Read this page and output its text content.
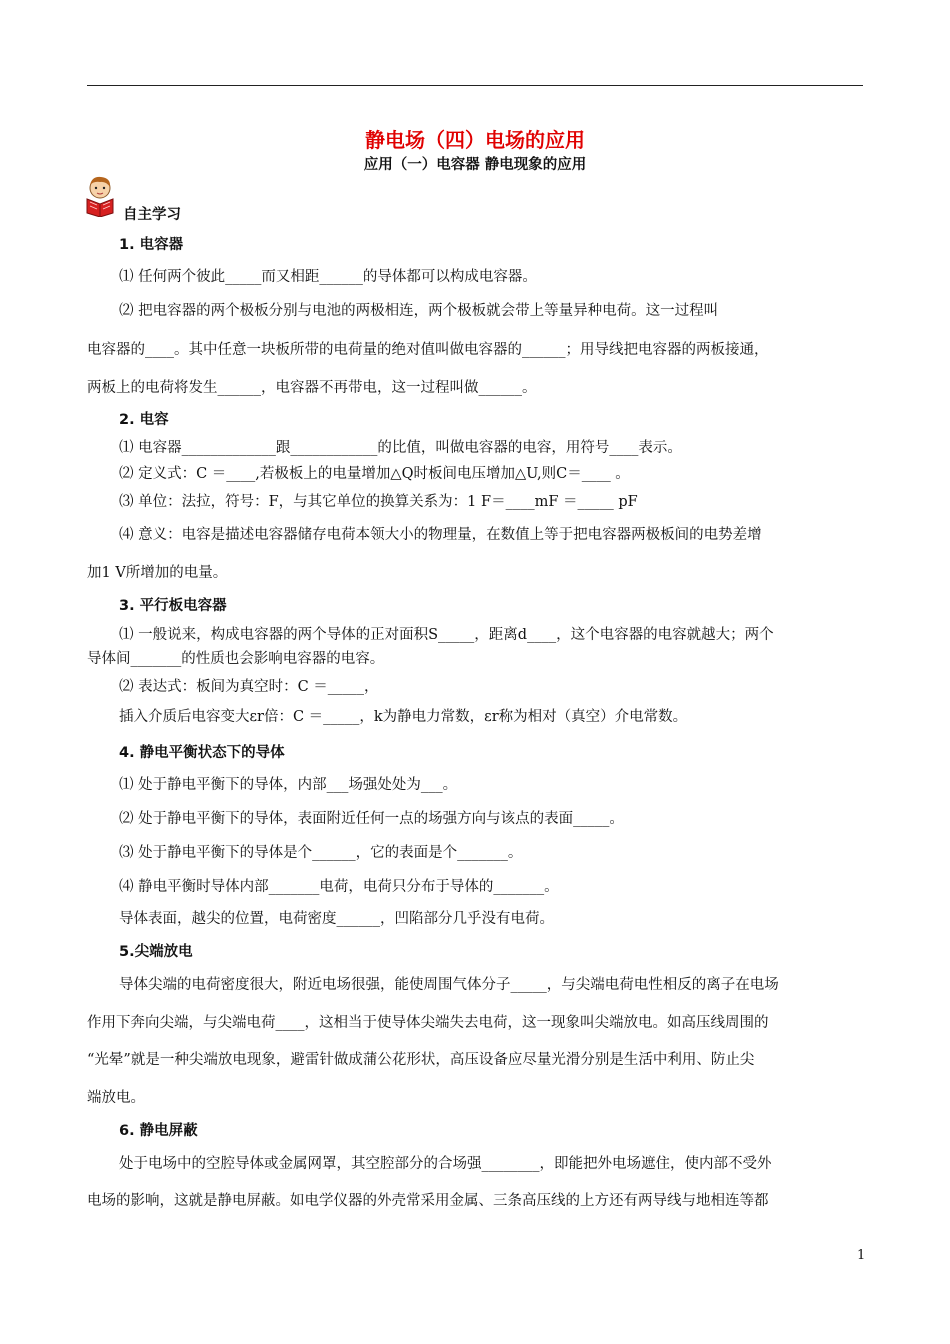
静电场（四）电场的应用
应用（一）电容器 静电现象的应用
自主学习
1. 电容器
⑴ 任何两个彼此_____而又相距______的导体都可以构成电容器。
⑵ 把电容器的两个极板分别与电池的两极相连，两个极板就会带上等量异种电荷。这一过程叫
电容器的____。其中任意一块板所带的电荷量的绝对值叫做电容器的______；用导线把电容器的两板接通，
两板上的电荷将发生______，电容器不再带电，这一过程叫做______。
2. 电容
⑴ 电容器_____________跟____________的比值，叫做电容器的电容，用符号____表示。
⑵ 定义式：C ＝____,若极板上的电量增加△Q时板间电压增加△U,则C＝____ 。
⑶ 单位：法拉，符号：F，与其它单位的换算关系为：1 F＝____mF ＝_____ pF
⑷ 意义：电容是描述电容器储存电荷本领大小的物理量，在数值上等于把电容器两极板间的电势差增
加1 V所增加的电量。
3. 平行板电容器
⑴ 一般说来，构成电容器的两个导体的正对面积S_____，距离d____，这个电容器的电容就越大；两个
导体间_______的性质也会影响电容器的电容。
⑵ 表达式：板间为真空时：C ＝_____，
插入介质后电容变大εr倍：C ＝_____，k为静电力常数，εr称为相对（真空）介电常数。
4. 静电平衡状态下的导体
⑴ 处于静电平衡下的导体，内部___场强处处为___。
⑵ 处于静电平衡下的导体，表面附近任何一点的场强方向与该点的表面_____。
⑶ 处于静电平衡下的导体是个______，它的表面是个_______。
⑷ 静电平衡时导体内部_______电荷，电荷只分布于导体的_______。
导体表面，越尖的位置，电荷密度______，凹陷部分几乎没有电荷。
5.尖端放电
导体尖端的电荷密度很大，附近电场很强，能使周围气体分子_____，与尖端电荷电性相反的离子在电场
作用下奔向尖端，与尖端电荷____，这相当于使导体尖端失去电荷，这一现象叫尖端放电。如高压线周围的
“光晕”就是一种尖端放电现象，避雷针做成蒲公花形状，高压设备应尽量光滑分别是生活中利用、防止尖
端放电。
6. 静电屏蔽
处于电场中的空腔导体或金属网罩，其空腔部分的合场强________，即能把外电场遮住，使内部不受外
电场的影响，这就是静电屏蔽。如电学仪器的外壳常采用金属、三条高压线的上方还有两导线与地相连等都
1
